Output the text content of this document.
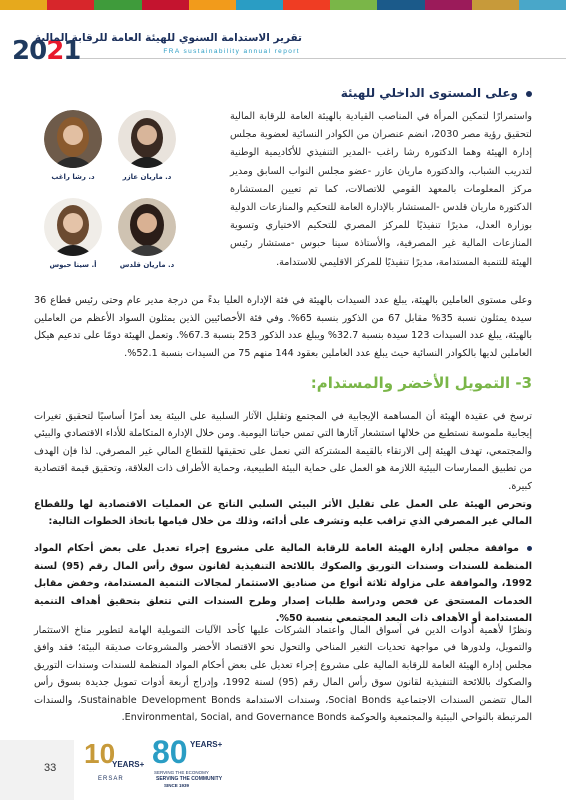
2021
تقرير الاستدامة السنوي للهيئة العامة للرقابة المالية
FRA sustainability annual report
وعلى المستوى الداخلي للهيئة
واستمرارًا لتمكين المرأة في المناصب القيادية بالهيئة العامة للرقابة المالية لتحقيق رؤية مصر 2030، انضم عنصران من الكوادر النسائية لعضوية مجلس إدارة الهيئة وهما الدكتورة رشا راغب -المدير التنفيذي للأكاديمية الوطنية لتدريب الشباب، والدكتورة ماريان عازر -عضو مجلس النواب السابق ومدير مركز المعلومات بالمعهد القومي للاتصالات، كما تم تعيين المستشارة الدكتورة ماريان قلدس -المستشار بالإدارة العامة للتحكيم والمنازعات الدولية بوزارة العدل، مديرًا تنفيذيًا للمركز المصري للتحكيم الاختياري وتسوية المنازعات المالية غير المصرفية، والأستاذة سينا حبوس -مستشار رئيس الهيئة للتنمية المستدامة، مديرًا تنفيذيًا للمركز الاقليمي للاستدامة.
د. ماريان عازر
د. رشا راغب
د. ماريان قلدس
أ. سينا حبوس
وعلى مستوى العاملين بالهيئة، يبلغ عدد السيدات بالهيئة في فئة الإدارة العليا بدءً من درجة مدير عام وحتى رئيس قطاع 36 سيدة يمثلون نسبة 35% مقابل 67 من الذكور بنسبة 65%. وفي فئة الأخصائيين الذين يمثلون السواد الأعظم من العاملين بالهيئة، يبلغ عدد السيدات 123 سيدة بنسبة 32.7% ويبلغ عدد الذكور 253 بنسبة 67.3%. وتعمل الهيئة دومًا على تدعيم هيكل العاملين لديها بالكوادر النسائية حيث يبلغ عدد العاملين بعقود 144 منهم 75 من السيدات بنسبة 52.1%.
3- التمويل الأخضر والمستدام:
ترسخ في عقيدة الهيئة أن المساهمة الإيجابية في المجتمع وتقليل الآثار السلبية على البيئة يعد أمرًا أساسيًا لتحقيق تغيرات إيجابية ملموسة نستطيع من خلالها استشعار آثارها التي تمس حياتنا اليومية. ومن خلال الإدارة المتكاملة للأداء الاقتصادي والبيئي والمجتمعي، تهدف الهيئة إلى الارتقاء بالقيمة المشتركة التي نعمل على تحقيقها للقطاع المالي غير المصرفي. لذا فإن الهدف من تطبيق الممارسات البيئية اللازمة هو العمل على حماية البيئة الطبيعية، وحماية الأطراف ذات العلاقة، وتحقيق قيمة اقتصادية كبيرة.
وتحرص الهيئة على العمل على تقليل الأثر البيئي السلبي الناتج عن العمليات الاقتصادية لها وللقطاع المالي غير المصرفي الذي تراقب عليه وتشرف على أدائه، وذلك من خلال قيامها باتخاذ الخطوات التالية:
موافقة مجلس إدارة الهيئة العامة للرقابة المالية على مشروع إجراء تعديل على بعض أحكام المواد المنظمة للسندات وسندات التوريق والصكوك باللائحة التنفيذية لقانون سوق رأس المال رقم (95) لسنة 1992، والموافقة على مزاولة ثلاثة أنواع من صناديق الاستثمار لمجالات التنمية المستدامة، وخفض مقابل الخدمات المستحق عن فحص ودراسة طلبات إصدار وطرح السندات التي تتعلق بتحقيق أهداف التنمية المستدامة أو الأهداف ذات البعد المجتمعي بنسبة 50%.
ونظرًا لأهمية أدوات الدين في أسواق المال واعتماد الشركات عليها كأحد الآليات التمويلية الهامة لتطوير مناخ الاستثمار والتمويل، ولدورها في مواجهة تحديات التغير المناخي والتحول نحو الاقتصاد الأخضر والمشروعات صديقة البيئة؛ فقد وافق مجلس إدارة الهيئة العامة للرقابة المالية على مشروع إجراء تعديل على بعض أحكام المواد المنظمة للسندات وسندات التوريق والصكوك باللائحة التنفيذية لقانون سوق رأس المال رقم (95) لسنة 1992، وإدراج أربعة أدوات تمويل جديدة بسوق رأس المال تتضمن السندات الاجتماعية Social Bonds، وسندات الاستدامة Sustainable Development Bonds، والسندات المرتبطة بالنواحي البيئية والمجتمعية والحوكمة Environmental, Social, and Governance Bonds.
33 10
YEARS+
ERSAR
80 YEARS+
SERVING THE ECONOMY
SERVING THE COMMUNITY
SINCE 1939
